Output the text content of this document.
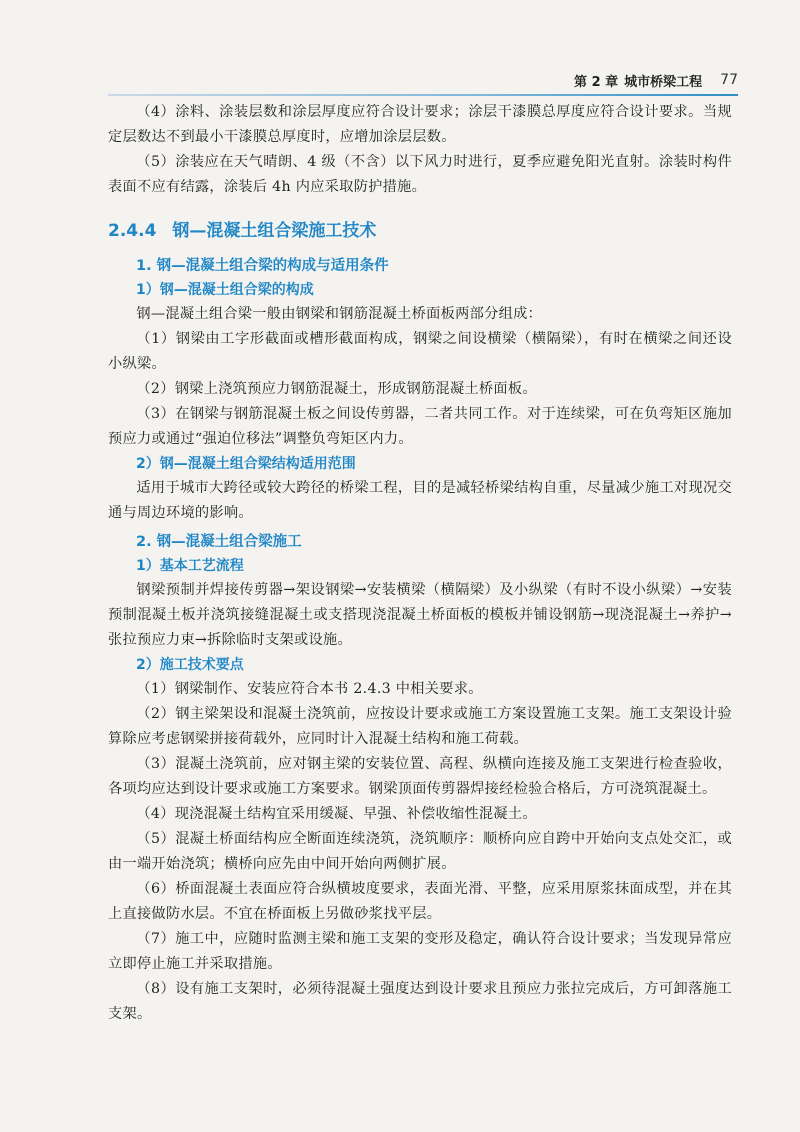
第 2 章 城市桥梁工程 77

（4）涂料、涂装层数和涂层厚度应符合设计要求；涂层干漆膜总厚度应符合设计要求。当规定层数达不到最小干漆膜总厚度时，应增加涂层层数。

（5）涂装应在天气晴朗、4 级（不含）以下风力时进行，夏季应避免阳光直射。涂装时构件表面不应有结露，涂装后 4h 内应采取防护措施。

2.4.4 钢—混凝土组合梁施工技术
1. 钢—混凝土组合梁的构成与适用条件
1）钢—混凝土组合梁的构成

钢—混凝土组合梁一般由钢梁和钢筋混凝土桥面板两部分组成：

（1）钢梁由工字形截面或槽形截面构成，钢梁之间设横梁（横隔梁），有时在横梁之间还设小纵梁。

（2）钢梁上浇筑预应力钢筋混凝土，形成钢筋混凝土桥面板。

（3）在钢梁与钢筋混凝土板之间设传剪器，二者共同工作。对于连续梁，可在负弯矩区施加预应力或通过“强迫位移法”调整负弯矩区内力。

2）钢—混凝土组合梁结构适用范围

适用于城市大跨径或较大跨径的桥梁工程，目的是减轻桥梁结构自重，尽量减少施工对现况交通与周边环境的影响。

2. 钢—混凝土组合梁施工
1）基本工艺流程

钢梁预制并焊接传剪器→架设钢梁→安装横梁（横隔梁）及小纵梁（有时不设小纵梁）→安装预制混凝土板并浇筑接缝混凝土或支搭现浇混凝土桥面板的模板并铺设钢筋→现浇混凝土→养护→张拉预应力束→拆除临时支架或设施。

2）施工技术要点

（1）钢梁制作、安装应符合本书 2.4.3 中相关要求。

（2）钢主梁架设和混凝土浇筑前，应按设计要求或施工方案设置施工支架。施工支架设计验算除应考虑钢梁拼接荷载外，应同时计入混凝土结构和施工荷载。

（3）混凝土浇筑前，应对钢主梁的安装位置、高程、纵横向连接及施工支架进行检查验收，各项均应达到设计要求或施工方案要求。钢梁顶面传剪器焊接经检验合格后，方可浇筑混凝土。

（4）现浇混凝土结构宜采用缓凝、早强、补偿收缩性混凝土。

（5）混凝土桥面结构应全断面连续浇筑，浇筑顺序：顺桥向应自跨中开始向支点处交汇，或由一端开始浇筑；横桥向应先由中间开始向两侧扩展。

（6）桥面混凝土表面应符合纵横坡度要求，表面光滑、平整，应采用原浆抹面成型，并在其上直接做防水层。不宜在桥面板上另做砂浆找平层。

（7）施工中，应随时监测主梁和施工支架的变形及稳定，确认符合设计要求；当发现异常应立即停止施工并采取措施。

（8）设有施工支架时，必须待混凝土强度达到设计要求且预应力张拉完成后，方可卸落施工支架。
